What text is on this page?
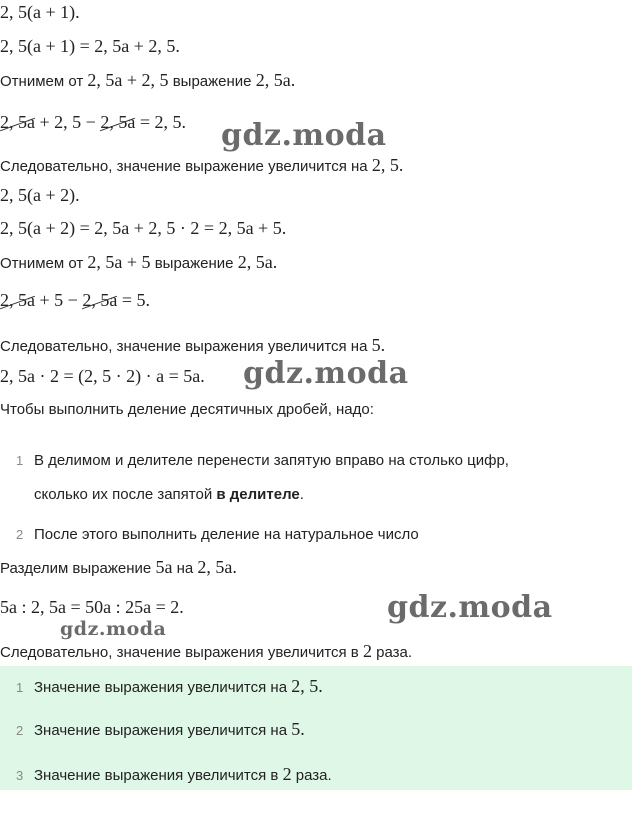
2, 5(a + 1).
2, 5(a + 1) = 2, 5a + 2, 5.
Отнимем от 2, 5a + 2, 5 выражение 2, 5a.
2, 5a + 2, 5 − 2, 5a = 2, 5.
Следовательно, значение выражение увеличится на 2, 5.
2, 5(a + 2).
2, 5(a + 2) = 2, 5a + 2, 5 · 2 = 2, 5a + 5.
Отнимем от 2, 5a + 5 выражение 2, 5a.
2, 5a + 5 − 2, 5a = 5.
Следовательно, значение выражения увеличится на 5.
2, 5a · 2 = (2, 5 · 2) · a = 5a.
Чтобы выполнить деление десятичных дробей, надо:
1 В делимом и делителе перенести запятую вправо на столько цифр,
сколько их после запятой в делителе.
2 После этого выполнить деление на натуральное число
Разделим выражение 5a на 2, 5a.
5a : 2, 5a = 50a : 25a = 2.
Следовательно, значение выражения увеличится в 2 раза.
1 Значение выражения увеличится на 2, 5.
2 Значение выражения увеличится на 5.
3 Значение выражения увеличится в 2 раза.
gdz.moda
gdz.moda
gdz.moda
gdz.moda
